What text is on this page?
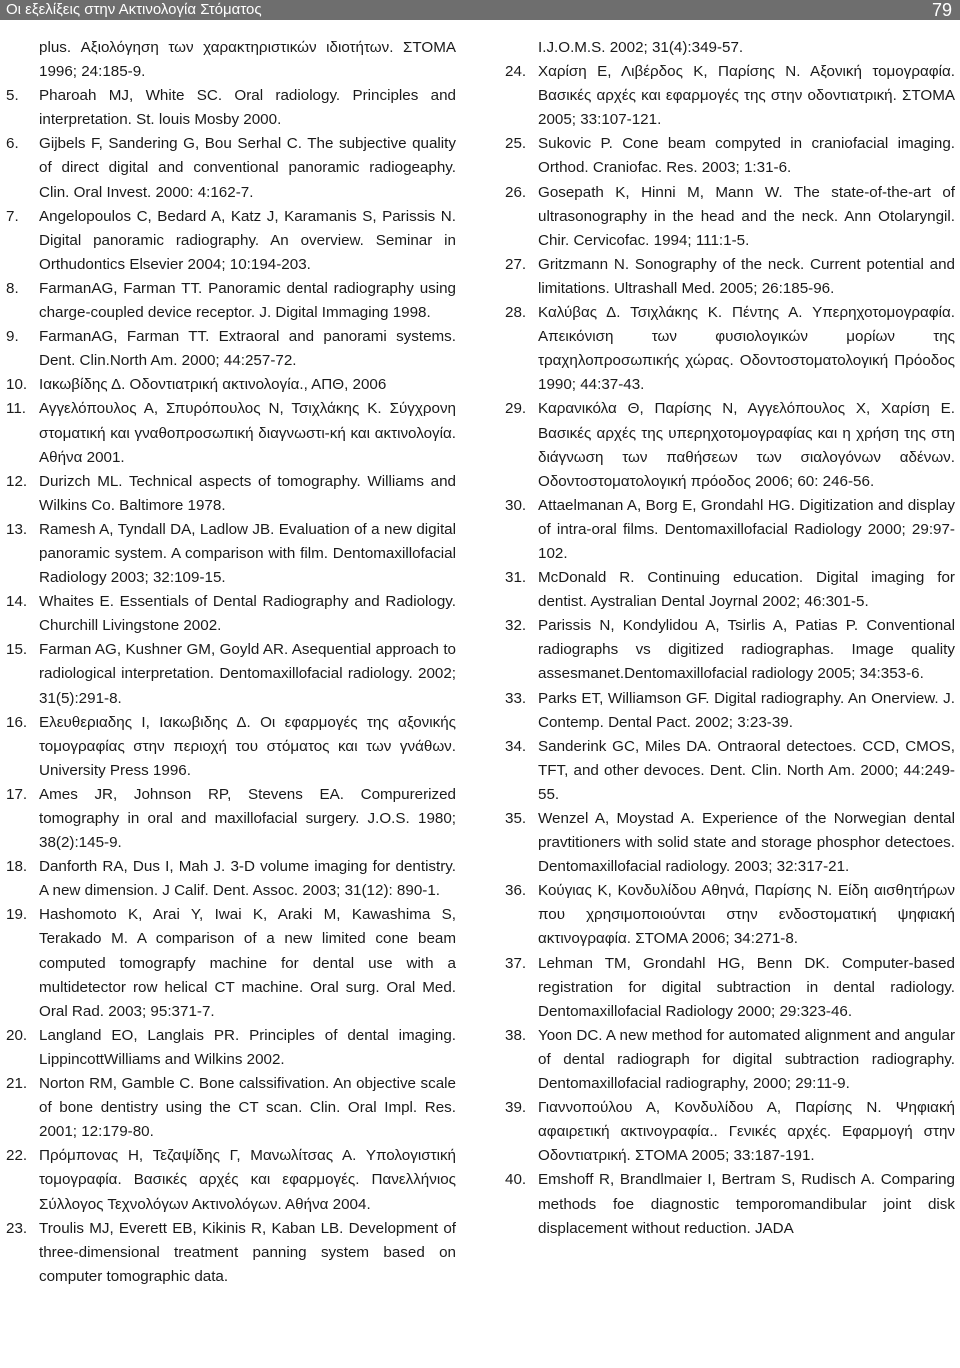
Οι εξελίξεις στην Ακτινολογία Στόματος	79
plus. Αξιολόγηση των χαρακτηριστικών ιδιοτήτων. ΣΤΟΜΑ 1996; 24:185-9.
5. Pharoah MJ, White SC. Oral radiology. Principles and interpretation. St. louis Mosby 2000.
6. Gijbels F, Sandering G, Bou Serhal C. The subjective quality of direct digital and conventional panoramic radiogeaphy. Clin. Oral Invest. 2000: 4:162-7.
7. Angelopoulos C, Bedard A, Katz J, Karamanis S, Parissis N. Digital panoramic radiography. An overview. Seminar in Orthudontics Elsevier 2004; 10:194-203.
8. FarmanAG, Farman TT. Panoramic dental radiography using charge-coupled device receptor. J. Digital Immaging 1998.
9. FarmanAG, Farman TT. Extraoral and panorami systems. Dent. Clin.North Am. 2000; 44:257-72.
10. Ιακωβίδης Δ. Οδοντιατρική ακτινολογία., ΑΠΘ, 2006
11. Αγγελόπουλος Α, Σπυρόπουλος Ν, Τσιχλάκης Κ. Σύγχρονη στοματική και γναθοπροσωπική διαγνωστι-κή και ακτινολογία. Αθήνα 2001.
12. Durizch ML. Technical aspects of tomography. Williams and Wilkins Co. Baltimore 1978.
13. Ramesh A, Tyndall DA, Ladlow JB. Evaluation of a new digital panoramic system. A comparison with film. Dentomaxillofacial Radiology 2003; 32:109-15.
14. Whaites E. Essentials of Dental Radiography and Radiology. Churchill Livingstone 2002.
15. Farman AG, Kushner GM, Goyld AR. Asequential approach to radiological interpretation. Dentomaxillofacial radiology. 2002; 31(5):291-8.
16. Ελευθεριαδης Ι, Ιακωβιδης Δ. Οι εφαρμογές της αξονικής τομογραφίας στην περιοχή του στόματος και των γνάθων. University Press 1996.
17. Ames JR, Johnson RP, Stevens EA. Compurerized tomography in oral and maxillofacial surgery. J.O.S. 1980; 38(2):145-9.
18. Danforth RA, Dus I, Mah J. 3-D volume imaging for dentistry. A new dimension. J Calif. Dent. Assoc. 2003; 31(12): 890-1.
19. Hashomoto K, Arai Y, Iwai K, Araki M, Kawashima S, Terakado M. A comparison of a new limited cone beam computed tomograpfy machine for dental use with a multidetector row helical CT machine. Oral surg. Oral Med. Oral Rad. 2003; 95:371-7.
20. Langland EO, Langlais PR. Principles of dental imaging. LippincottWilliams and Wilkins 2002.
21. Norton RM, Gamble C. Bone calssifivation. An objective scale of bone dentistry using the CT scan. Clin. Oral Impl. Res. 2001; 12:179-80.
22. Πρόμπονας Η, Τεζαψίδης Γ, Μανωλίτσας Α. Υπολογιστική τομογραφία. Βασικές αρχές και εφαρμογές. Πανελλήνιος Σύλλογος Τεχνολόγων Ακτινολόγων. Αθήνα 2004.
23. Troulis MJ, Everett EB, Kikinis R, Kaban LB. Development of three-dimensional treatment panning system based on computer tomographic data.
I.J.O.M.S. 2002; 31(4):349-57.
24. Χαρίση Ε, Λιβέρδος Κ, Παρίσης Ν. Αξονική τομογραφία. Βασικές αρχές και εφαρμογές της στην οδοντιατρική. ΣΤΟΜΑ 2005; 33:107-121.
25. Sukovic P. Cone beam compyted in craniofacial imaging. Orthod. Craniofac. Res. 2003; 1:31-6.
26. Gosepath K, Hinni M, Mann W. The state-of-the-art of ultrasonography in the head and the neck. Ann Otolaryngil. Chir. Cervicofac. 1994; 111:1-5.
27. Gritzmann N. Sonography of the neck. Current potential and limitations. Ultrashall Med. 2005; 26:185-96.
28. Καλύβας Δ. Τσιχλάκης Κ. Πέντης Α. Υπερηχοτομογραφία. Απεικόνιση των φυσιολογικών μορίων της τραχηλοπροσωπικής χώρας. Οδοντοστοματολογική Πρόοδος 1990; 44:37-43.
29. Καρανικόλα Θ, Παρίσης Ν, Αγγελόπουλος Χ, Χαρίση Ε. Βασικές αρχές της υπερηχοτομογραφίας και η χρήση της στη διάγνωση των παθήσεων των σιαλογόνων αδένων. Οδοντοστοματολογική πρόοδος 2006; 60: 246-56.
30. Attaelmanan A, Borg E, Grondahl HG. Digitization and display of intra-oral films. Dentomaxillofacial Radiology 2000; 29:97-102.
31. McDonald R. Continuing education. Digital imaging for dentist. Aystralian Dental Joyrnal 2002; 46:301-5.
32. Parissis N, Kondylidou A, Tsirlis A, Patias P. Conventional radiographs vs digitized radiographas. Image quality assesmanet.Dentomaxillofacial radiology 2005; 34:353-6.
33. Parks ET, Williamson GF. Digital radiography. An Onerview. J. Contemp. Dental Pact. 2002; 3:23-39.
34. Sanderink GC, Miles DA. Ontraoral detectoes. CCD, CMOS, TFT, and other devoces. Dent. Clin. North Am. 2000; 44:249-55.
35. Wenzel A, Moystad A. Experience of the Norwegian dental pravtitioners with solid state and storage phosphor detectoes. Dentomaxillofacial radiology. 2003; 32:317-21.
36. Κούγιας Κ, Κονδυλίδου Αθηνά, Παρίσης Ν. Είδη αισθητήρων που χρησιμοποιούνται στην ενδοστοματική ψηφιακή ακτινογραφία. ΣΤΟΜΑ 2006; 34:271-8.
37. Lehman TM, Grondahl HG, Benn DK. Computer-based registration for digital subtraction in dental radiology. Dentomaxillofacial Radiology 2000; 29:323-46.
38. Yoon DC. A new method for automated alignment and angular of dental radiograph for digital subtraction radiography. Dentomaxillofacial radiography, 2000; 29:11-9.
39. Γιαννοπούλου Α, Κονδυλίδου Α, Παρίσης Ν. Ψηφιακή αφαιρετική ακτινογραφία.. Γενικές αρχές. Εφαρμογή στην Οδοντιατρική. ΣΤΟΜΑ 2005; 33:187-191.
40. Emshoff R, Brandlmaier I, Bertram S, Rudisch A. Comparing methods foe diagnostic temporomandibular joint disk displacement without reduction. JADA
